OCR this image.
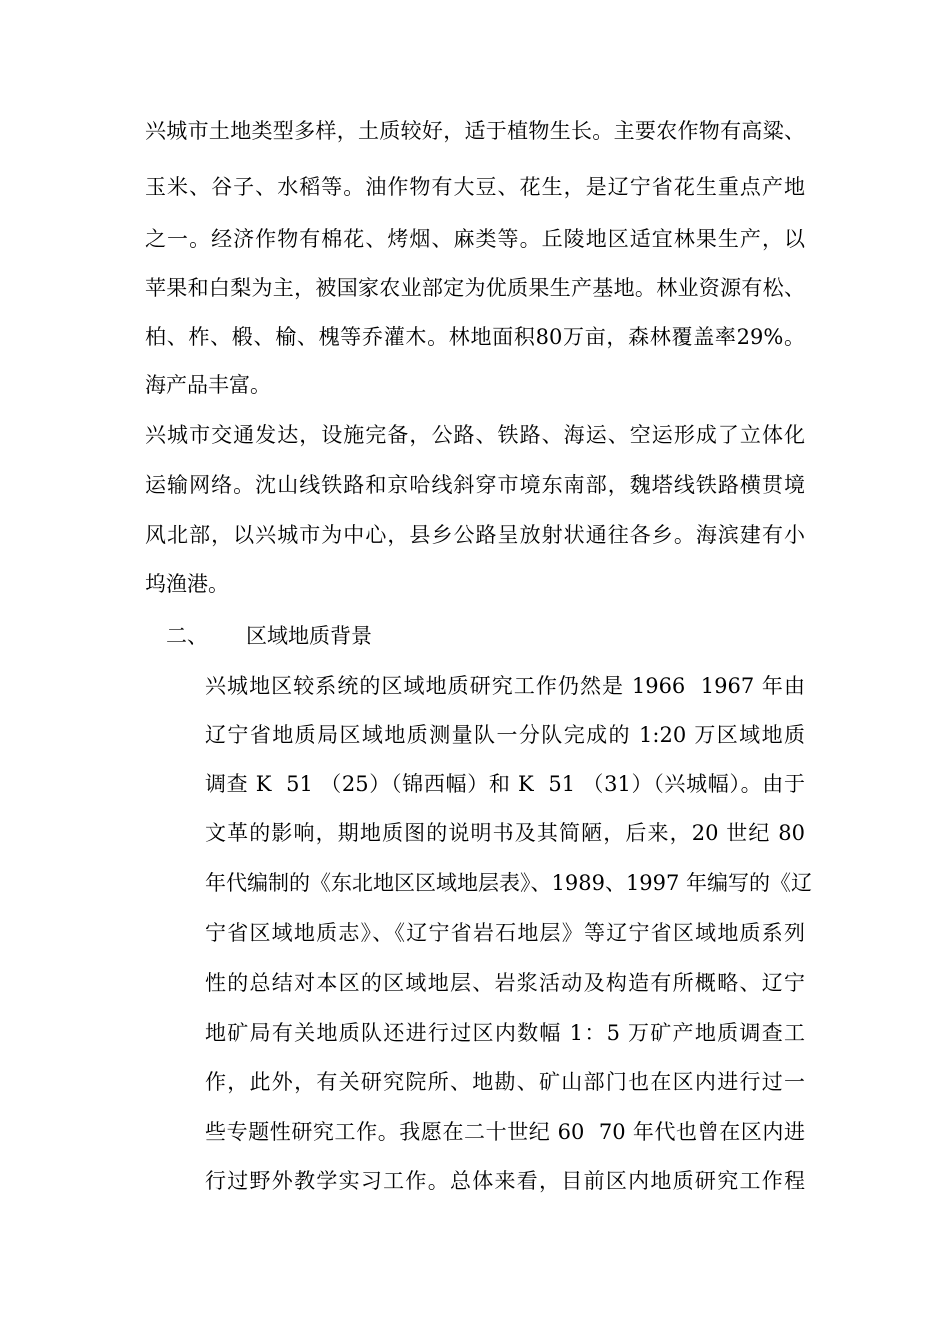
兴城市土地类型多样，土质较好，适于植物生长。主要农作物有高粱、
玉米、谷子、水稻等。油作物有大豆、花生，是辽宁省花生重点产地
之一。经济作物有棉花、烤烟、麻类等。丘陵地区适宜林果生产，以
苹果和白梨为主，被国家农业部定为优质果生产基地。林业资源有松、
柏、柞、椴、榆、槐等乔灌木。林地面积80万亩，森林覆盖率29%。
海产品丰富。
兴城市交通发达，设施完备，公路、铁路、海运、空运形成了立体化
运输网络。沈山线铁路和京哈线斜穿市境东南部，魏塔线铁路横贯境
风北部，以兴城市为中心，县乡公路呈放射状通往各乡。海滨建有小
坞渔港。
二、 区域地质背景
兴城地区较系统的区域地质研究工作仍然是 1966  1967 年由
辽宁省地质局区域地质测量队一分队完成的 1:20 万区域地质
调查 K  51 （25）（锦西幅）和 K  51 （31）（兴城幅）。由于
文革的影响，期地质图的说明书及其简陋，后来，20 世纪 80
年代编制的《东北地区区域地层表》、1989、1997 年编写的《辽
宁省区域地质志》、《辽宁省岩石地层》等辽宁省区域地质系列
性的总结对本区的区域地层、岩浆活动及构造有所概略、辽宁
地矿局有关地质队还进行过区内数幅 1：5 万矿产地质调查工
作，此外，有关研究院所、地勘、矿山部门也在区内进行过一
些专题性研究工作。我愿在二十世纪 60  70 年代也曾在区内进
行过野外教学实习工作。总体来看，目前区内地质研究工作程
